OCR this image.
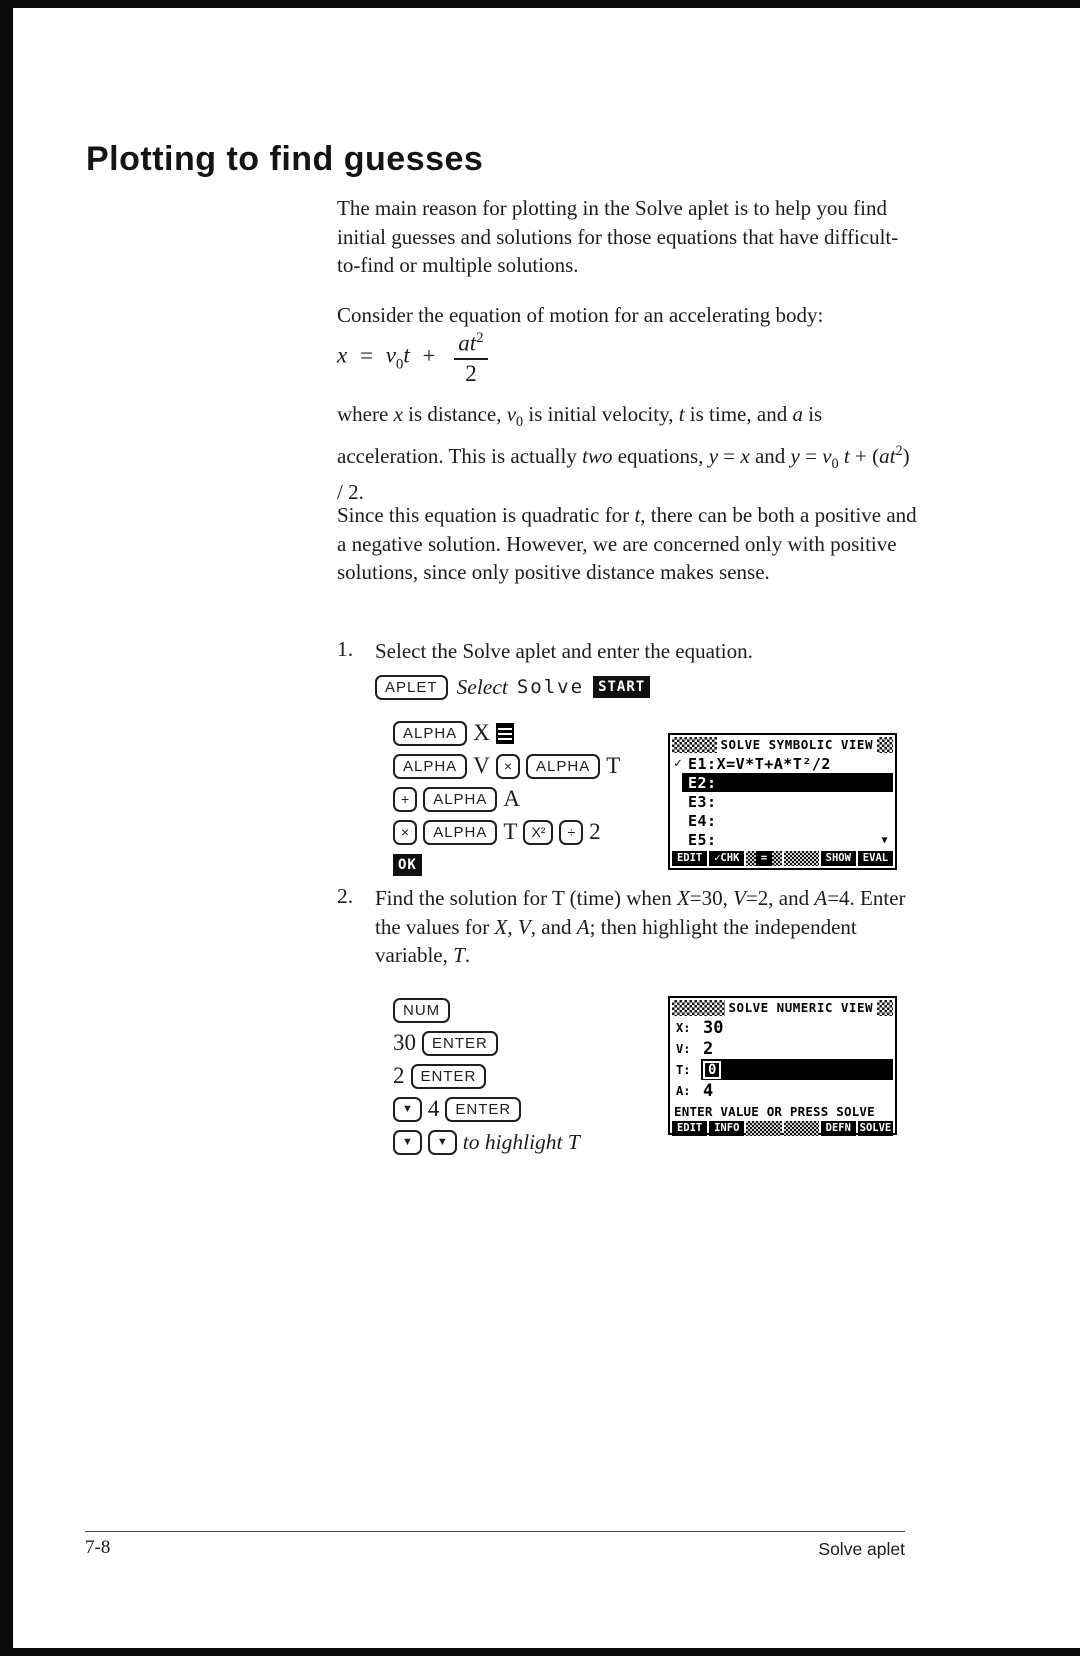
Plotting to find guesses

The main reason for plotting in the Solve aplet is to help you find initial guesses and solutions for those equations that have difficult-to-find or multiple solutions.

Consider the equation of motion for an accelerating body:

$x = v_0t + \frac{at^2}{2}$

where x is distance, $v_0$ is initial velocity, t is time, and a is acceleration. This is actually two equations, y = x and $y = v_0$ $t + (at^2) / 2$.

Since this equation is quadratic for t, there can be both a positive and a negative solution. However, we are concerned only with positive solutions, since only positive distance makes sense.

1. Select the Solve aplet and enter the equation.

APLET Select Solve	START
ALPHA X
ALPHA V	×	ALPHA T
+	ALPHA A
×	ALPHA T	X²	÷ 2
OK
SOLVE SYMBOLIC VIEW
✓ E1: X=V*T+A*T²/2
E2:
E3:
E4:
E5:	▼
EDIT	✓CHK	=	SHOW	EVAL
2. Find the solution for T (time) when X=30, V=2, and A=4. Enter the values for X, V, and A; then highlight the independent variable, T.

NUM
30	ENTER
2	ENTER
▼ 4	ENTER
▼	▼ to highlight T
SOLVE NUMERIC VIEW
X: 30
V: 2
T:	0
A: 4
ENTER VALUE OR PRESS SOLVE
EDIT	INFO	DEFN SOLVE
7-8	Solve aplet
